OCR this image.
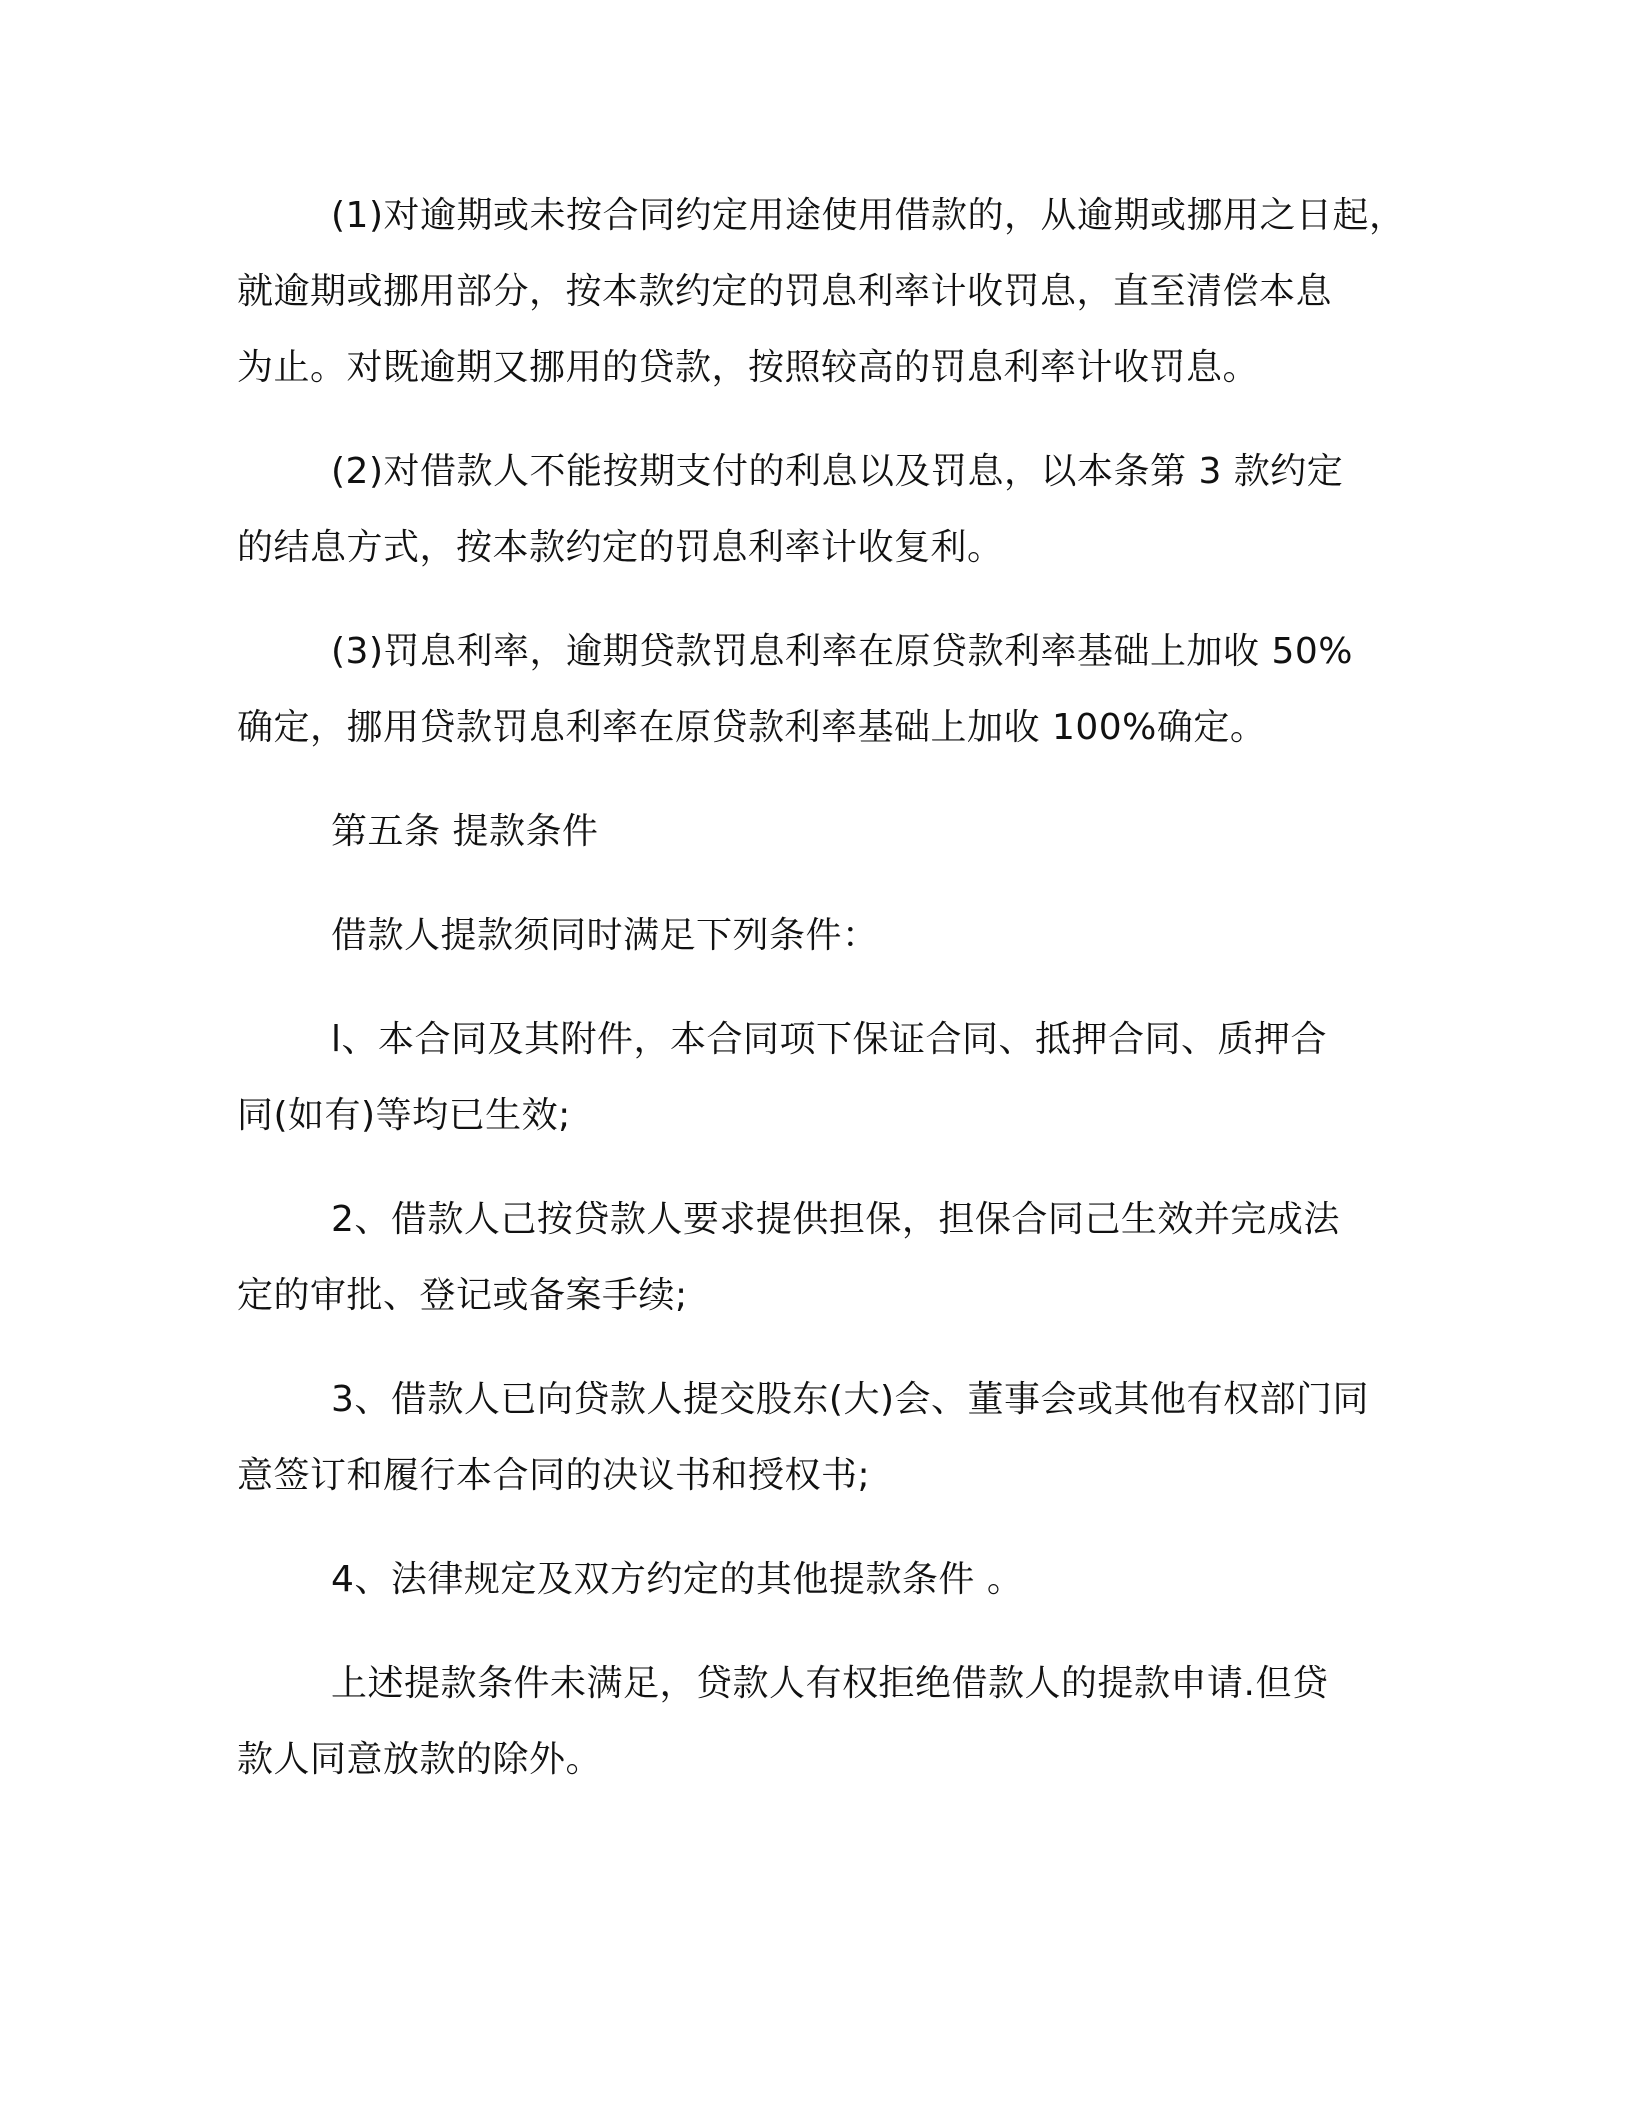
(1)对逾期或未按合同约定用途使用借款的，从逾期或挪用之日起，

就逾期或挪用部分，按本款约定的罚息利率计收罚息，直至清偿本息

为止。对既逾期又挪用的贷款，按照较高的罚息利率计收罚息。

(2)对借款人不能按期支付的利息以及罚息，以本条第 3 款约定

的结息方式，按本款约定的罚息利率计收复利。

(3)罚息利率，逾期贷款罚息利率在原贷款利率基础上加收 50%

确定，挪用贷款罚息利率在原贷款利率基础上加收 100%确定。

第五条 提款条件

借款人提款须同时满足下列条件：

l、本合同及其附件，本合同项下保证合同、抵押合同、质押合

同(如有)等均已生效;

2、借款人己按贷款人要求提供担保，担保合同己生效并完成法

定的审批、登记或备案手续;

3、借款人已向贷款人提交股东(大)会、董事会或其他有权部门同

意签订和履行本合同的决议书和授权书;

4、法律规定及双方约定的其他提款条件 。

上述提款条件未满足，贷款人有权拒绝借款人的提款申请.但贷

款人同意放款的除外。
